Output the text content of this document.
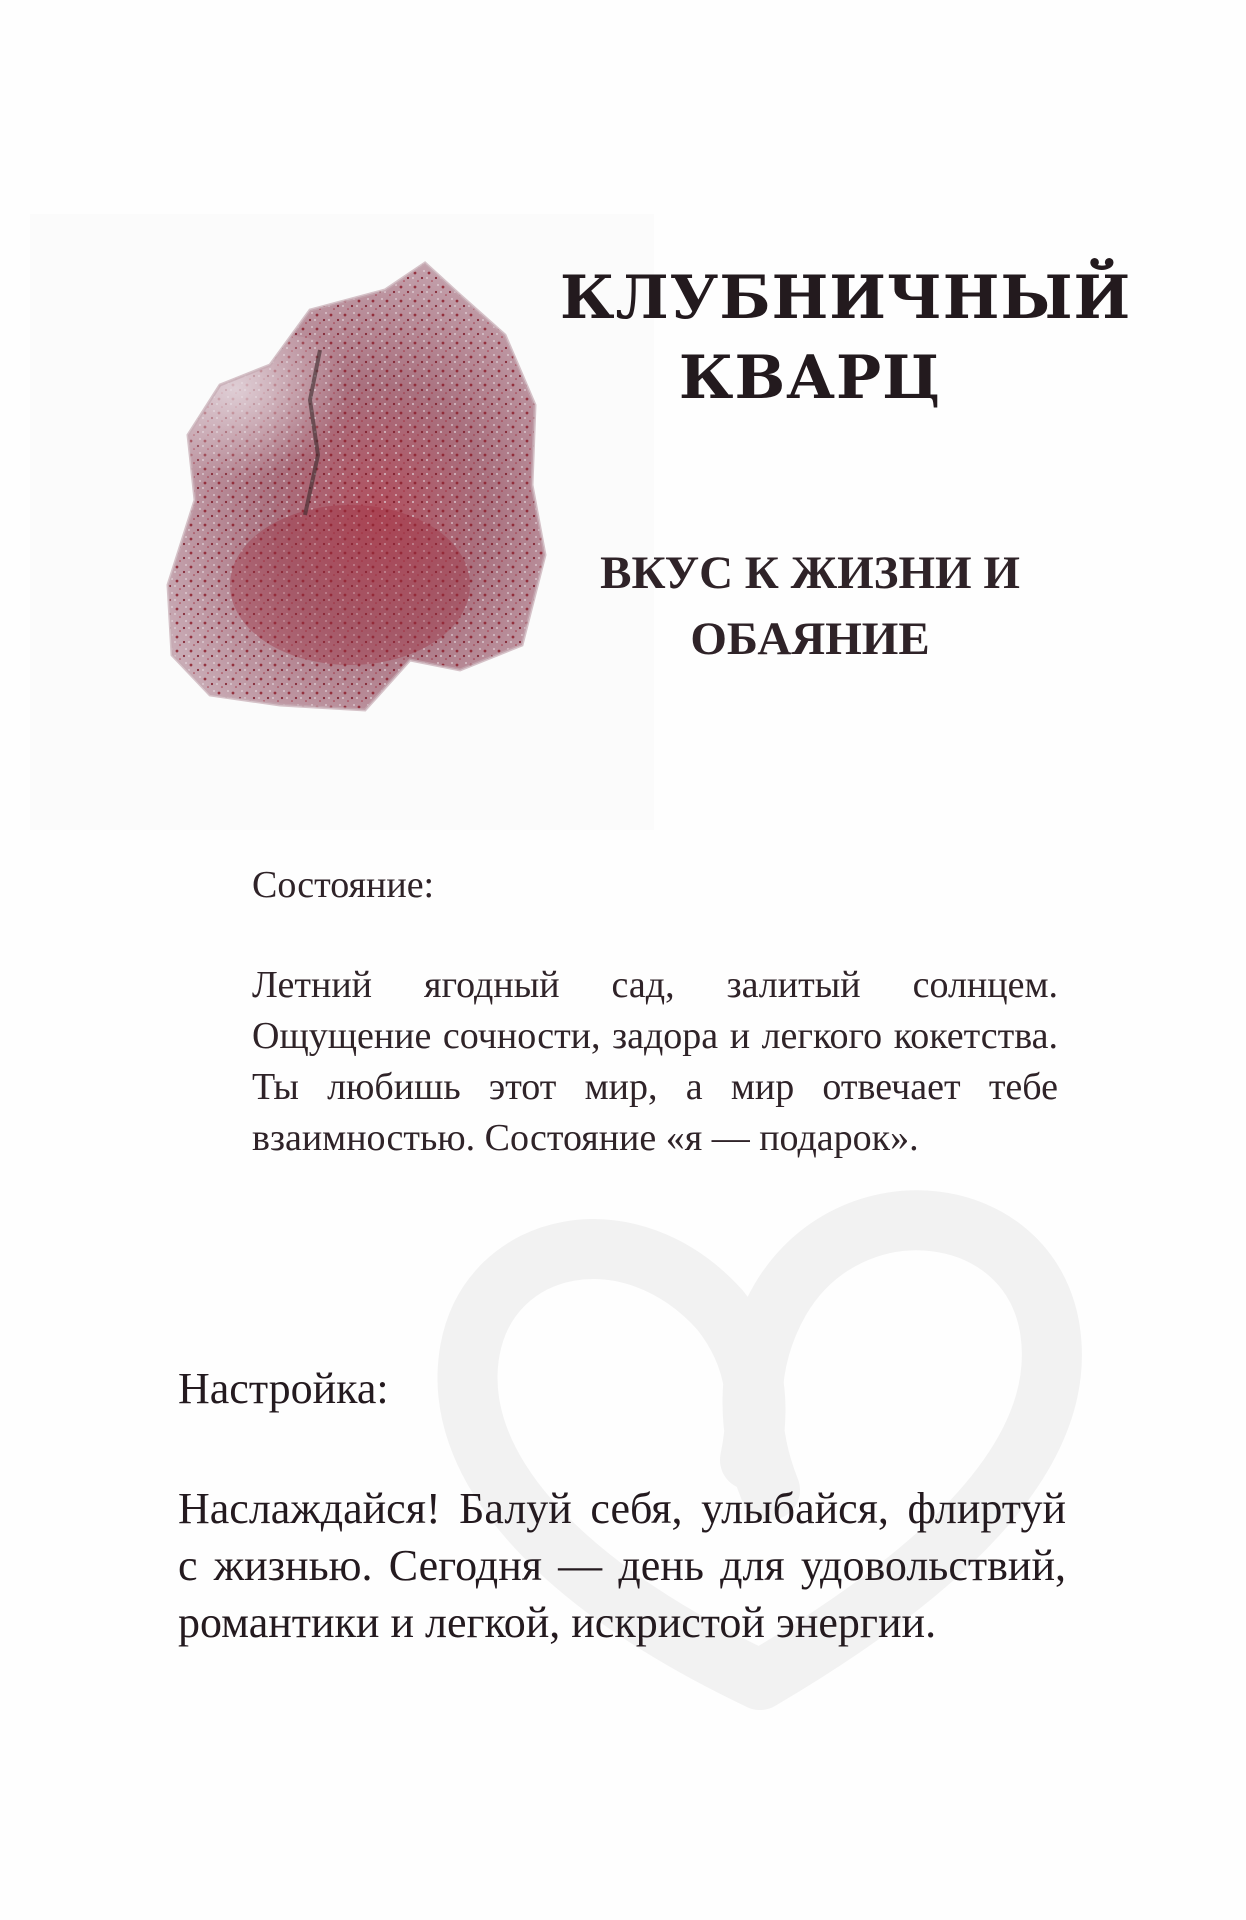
КЛУБНИЧНЫЙ
КВАРЦ
ВКУС К ЖИЗНИ И
ОБАЯНИЕ

Состояние:

Летний ягодный сад, залитый солнцем. Ощущение сочности, задора и легкого кокетства. Ты любишь этот мир, а мир отвечает тебе взаимностью. Состояние «я — подарок».

Настройка:

Наслаждайся! Балуй себя, улыбайся, флиртуй с жизнью. Сегодня — день для удовольствий, романтики и легкой, искристой энергии.
